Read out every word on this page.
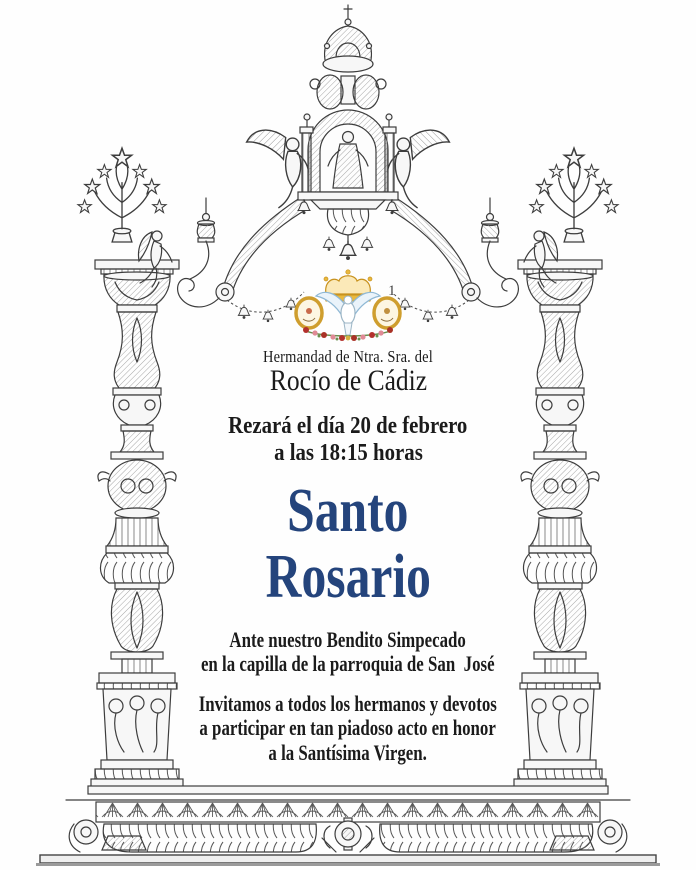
Hermandad de Ntra. Sra. del
Rocío de Cádiz
Rezará el día 20 de febrero
a las 18:15 horas
Santo
Rosario
Ante nuestro Bendito Simpecado
en la capilla de la parroquia de San  José
Invitamos a todos los hermanos y devotos
a participar en tan piadoso acto en honor
a la Santísima Virgen.
1
